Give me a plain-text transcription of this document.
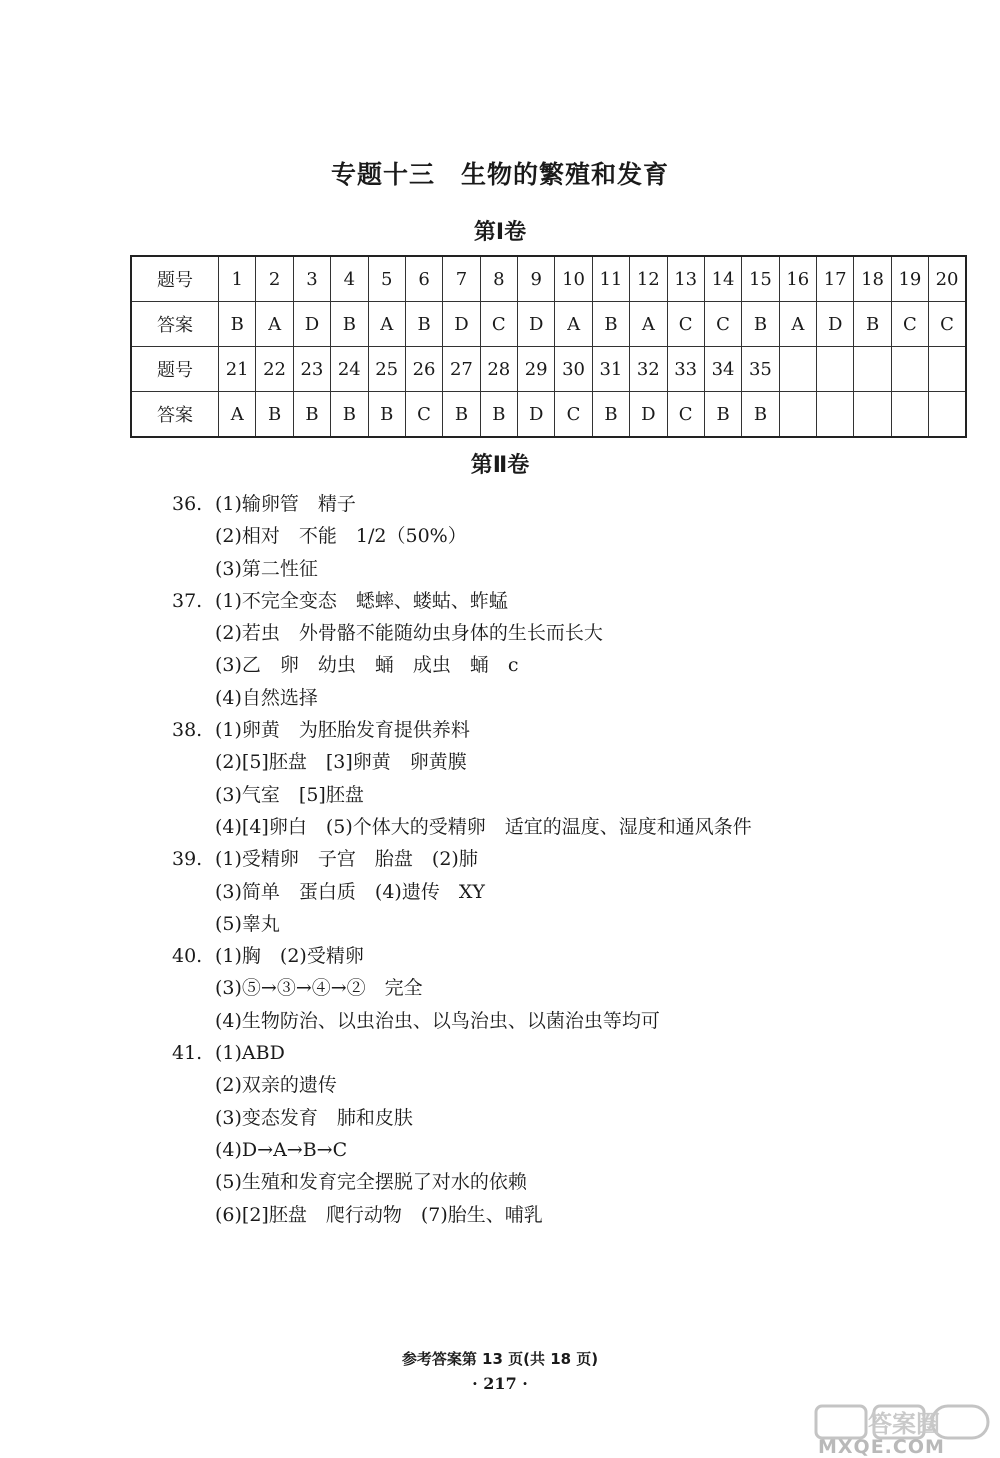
专题十三　生物的繁殖和发育
第Ⅰ卷
题号	1	2	3	4	5	6	7	8	9	10	11	12	13	14	15	16	17	18	19	20
答案	B	A	D	B	A	B	D	C	D	A	B	A	C	C	B	A	D	B	C	C
题号	21	22	23	24	25	26	27	28	29	30	31	32	33	34	35					
答案	A	B	B	B	B	C	B	B	D	C	B	D	C	B	B					
第Ⅱ卷
36. (1)输卵管　精子
(2)相对　不能　1/2（50%）
(3)第二性征
37. (1)不完全变态　蟋蟀、蝼蛄、蚱蜢
(2)若虫　外骨骼不能随幼虫身体的生长而长大
(3)乙　卵　幼虫　蛹　成虫　蛹　c
(4)自然选择
38. (1)卵黄　为胚胎发育提供养料
(2)[5]胚盘　[3]卵黄　卵黄膜
(3)气室　[5]胚盘
(4)[4]卵白　(5)个体大的受精卵　适宜的温度、湿度和通风条件
39. (1)受精卵　子宫　胎盘　(2)肺
(3)简单　蛋白质　(4)遗传　XY
(5)睾丸
40. (1)胸　(2)受精卵
(3)⑤→③→④→②　完全
(4)生物防治、以虫治虫、以鸟治虫、以菌治虫等均可
41. (1)ABD
(2)双亲的遗传
(3)变态发育　肺和皮肤
(4)D→A→B→C
(5)生殖和发育完全摆脱了对水的依赖
(6)[2]胚盘　爬行动物　(7)胎生、哺乳
参考答案第 13 页(共 18 页)
· 217 ·
答案圈
MXQE.COM
